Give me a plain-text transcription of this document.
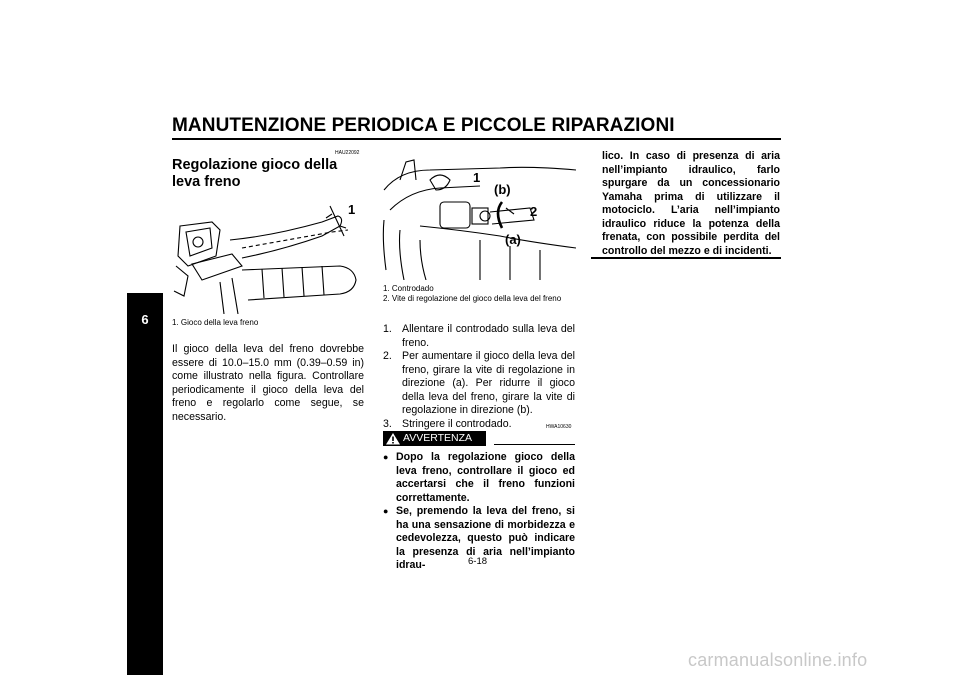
MANUTENZIONE PERIODICA E PICCOLE RIPARAZIONI
6
HAU22092
Regolazione gioco della leva freno
1
1. Gioco della leva freno
Il gioco della leva del freno dovrebbe essere di 10.0–15.0 mm (0.39–0.59 in) come illustrato nella figura. Controllare periodicamente il gioco della leva del freno e regolarlo come segue, se necessario.
1
(b)
2
(a)
1. Controdado
2. Vite di regolazione del gioco della leva del freno
1. Allentare il controdado sulla leva del freno.
2. Per aumentare il gioco della leva del freno, girare la vite di regolazione in direzione (a). Per ridurre il gioco della leva del freno, girare la vite di regolazione in direzione (b).
3. Stringere il controdado.	HWA10630
AVVERTENZA
● Dopo la regolazione gioco della leva freno, controllare il gioco ed accertarsi che il freno funzioni correttamente.
● Se, premendo la leva del freno, si ha una sensazione di morbidezza e cedevolezza, questo può indicare la presenza di aria nell’impianto idrau-
lico. In caso di presenza di aria nell’impianto idraulico, farlo spurgare da un concessionario Yamaha prima di utilizzare il motociclo. L’aria nell’impianto idraulico riduce la potenza della frenata, con possibile perdita del controllo del mezzo e di incidenti.
6-18
carmanualsonline.info
